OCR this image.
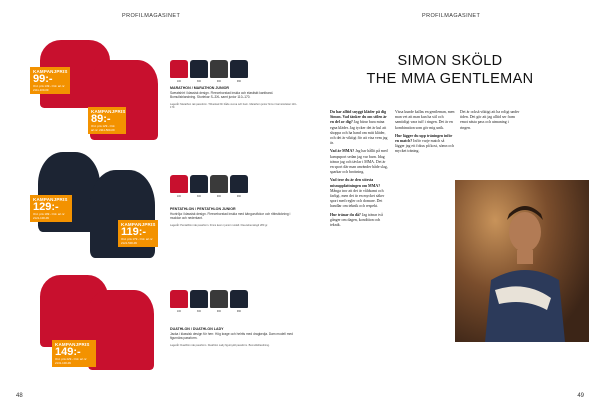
PROFILMAGASINET
KAMPANJPRIS
99:-
Ord. pris 149:- Ord. art.nr: 2111-100-09
KAMPANJPRIS
89:-
Ord. pris 129:- Ord. art.nr: 2111-500-09
100	300	900	990
MARATHON / MARATHON JUNIOR
Sweatshirt i klassisk design. Fleeceborstad insida och elastiskt kantband. Bomullsblandning. Storlekar S–3XL samt junior 110–170.
Lageråt: Marathon rak passform. Tillverkad för både vuxna och barn. Marathon junior finns i barnstorlekar 110–170.
KAMPANJPRIS
129:-
Ord. pris 199:- Ord. art.nr: 2121-100-09
KAMPANJPRIS
119:-
Ord. pris 179:- Ord. art.nr: 2121-500-09
100	300	900	990
PENTATHLON / PENTATHLON JUNIOR
Huvtröja i klassisk design. Fleeceborstad insida med kängurufickor och ribbstickning i muddar och nederkant.
Lageråt: Pentathlon rak passform. Finns även i junior modell. Fleecebemängd 280 gr.
KAMPANJPRIS
149:-
Ord. pris 229:- Ord. art.nr: 2131-100-09
100	300	900	990
DUATHLON / DUATHLON LADY
Jacka i klassisk design för herr. Hög krage och helrits med dragkedja. Dam modell med figurnära passform.
Lageråt: Duathlon rak passform. Duathlon Lady figursydd passform. Bomullsblandning.
48
PROFILMAGASINET
SIMON SKÖLD
THE MMA GENTLEMAN

Du har alltid snyggt kläder på dig Simon. Vad tänker du om stilen är en del av dig? Jag bärar bara mina egna kläder. Jag tycker det är kul att shoppa och ha hand om mitt kläder, och det är viktigt för att visa vem jag är.

Vad är MMA? Jag har hållit på med kampsport sedan jag var barn. Idag tränar jag och tävlar i MMA. Det är en sport där man använder både slag, sparkar och brottning.

Vad tror du är den största missuppfattningen om MMA? Många tror att det är våldsamt och farligt, men det är en mycket säker sport med regler och domare. Det handlar om teknik och respekt.

Hur tränar du då? Jag tränar två gånger om dagen, kondition och teknik.

Vissa kunde kallas en gentleman, men man vet att man kan ha stil och samtidigt vara tuff i ringen. Det är en kombination som gör mig unik.

Hur lägger du upp träningen inför en match? Inför varje match så lägger jag ett fokus på kost, sömn och mycket träning.

Det är också viktigt att ha roligt under tiden. Det gör att jag alltid ser fram emot nästa pass och utmaning i ringen.

49
